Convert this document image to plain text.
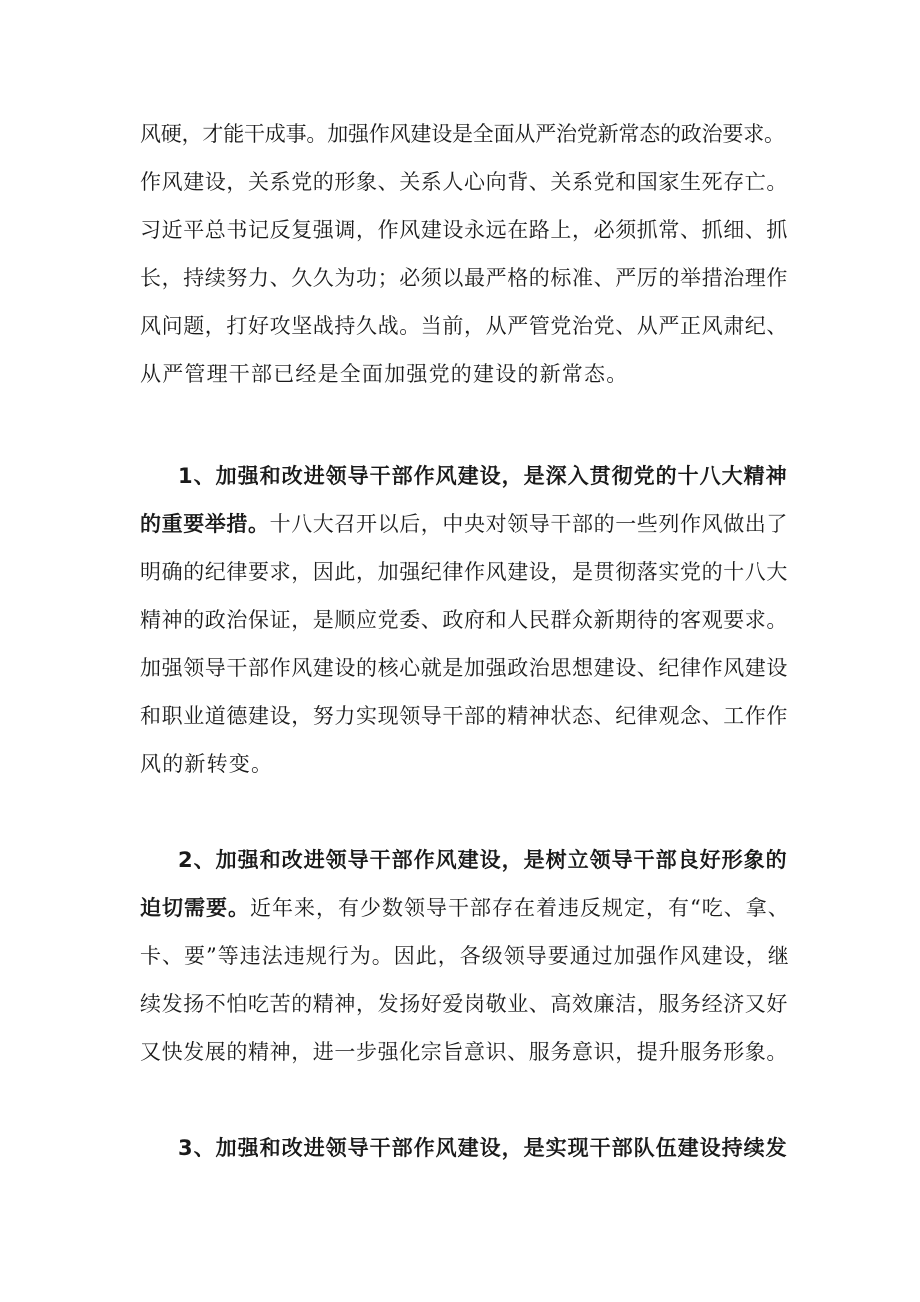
风硬，才能干成事。加强作风建设是全面从严治党新常态的政治要求。
作风建设，关系党的形象、关系人心向背、关系党和国家生死存亡。
习近平总书记反复强调，作风建设永远在路上，必须抓常、抓细、抓
长，持续努力、久久为功；必须以最严格的标准、严厉的举措治理作
风问题，打好攻坚战持久战。当前，从严管党治党、从严正风肃纪、
从严管理干部已经是全面加强党的建设的新常态。
1、加强和改进领导干部作风建设，是深入贯彻党的十八大精神
的重要举措。十八大召开以后，中央对领导干部的一些列作风做出了
明确的纪律要求，因此，加强纪律作风建设，是贯彻落实党的十八大
精神的政治保证，是顺应党委、政府和人民群众新期待的客观要求。
加强领导干部作风建设的核心就是加强政治思想建设、纪律作风建设
和职业道德建设，努力实现领导干部的精神状态、纪律观念、工作作
风的新转变。
2、加强和改进领导干部作风建设，是树立领导干部良好形象的
迫切需要。近年来，有少数领导干部存在着违反规定，有“吃、拿、
卡、要”等违法违规行为。因此，各级领导要通过加强作风建设，继
续发扬不怕吃苦的精神，发扬好爱岗敬业、高效廉洁，服务经济又好
又快发展的精神，进一步强化宗旨意识、服务意识，提升服务形象。
3、加强和改进领导干部作风建设，是实现干部队伍建设持续发
